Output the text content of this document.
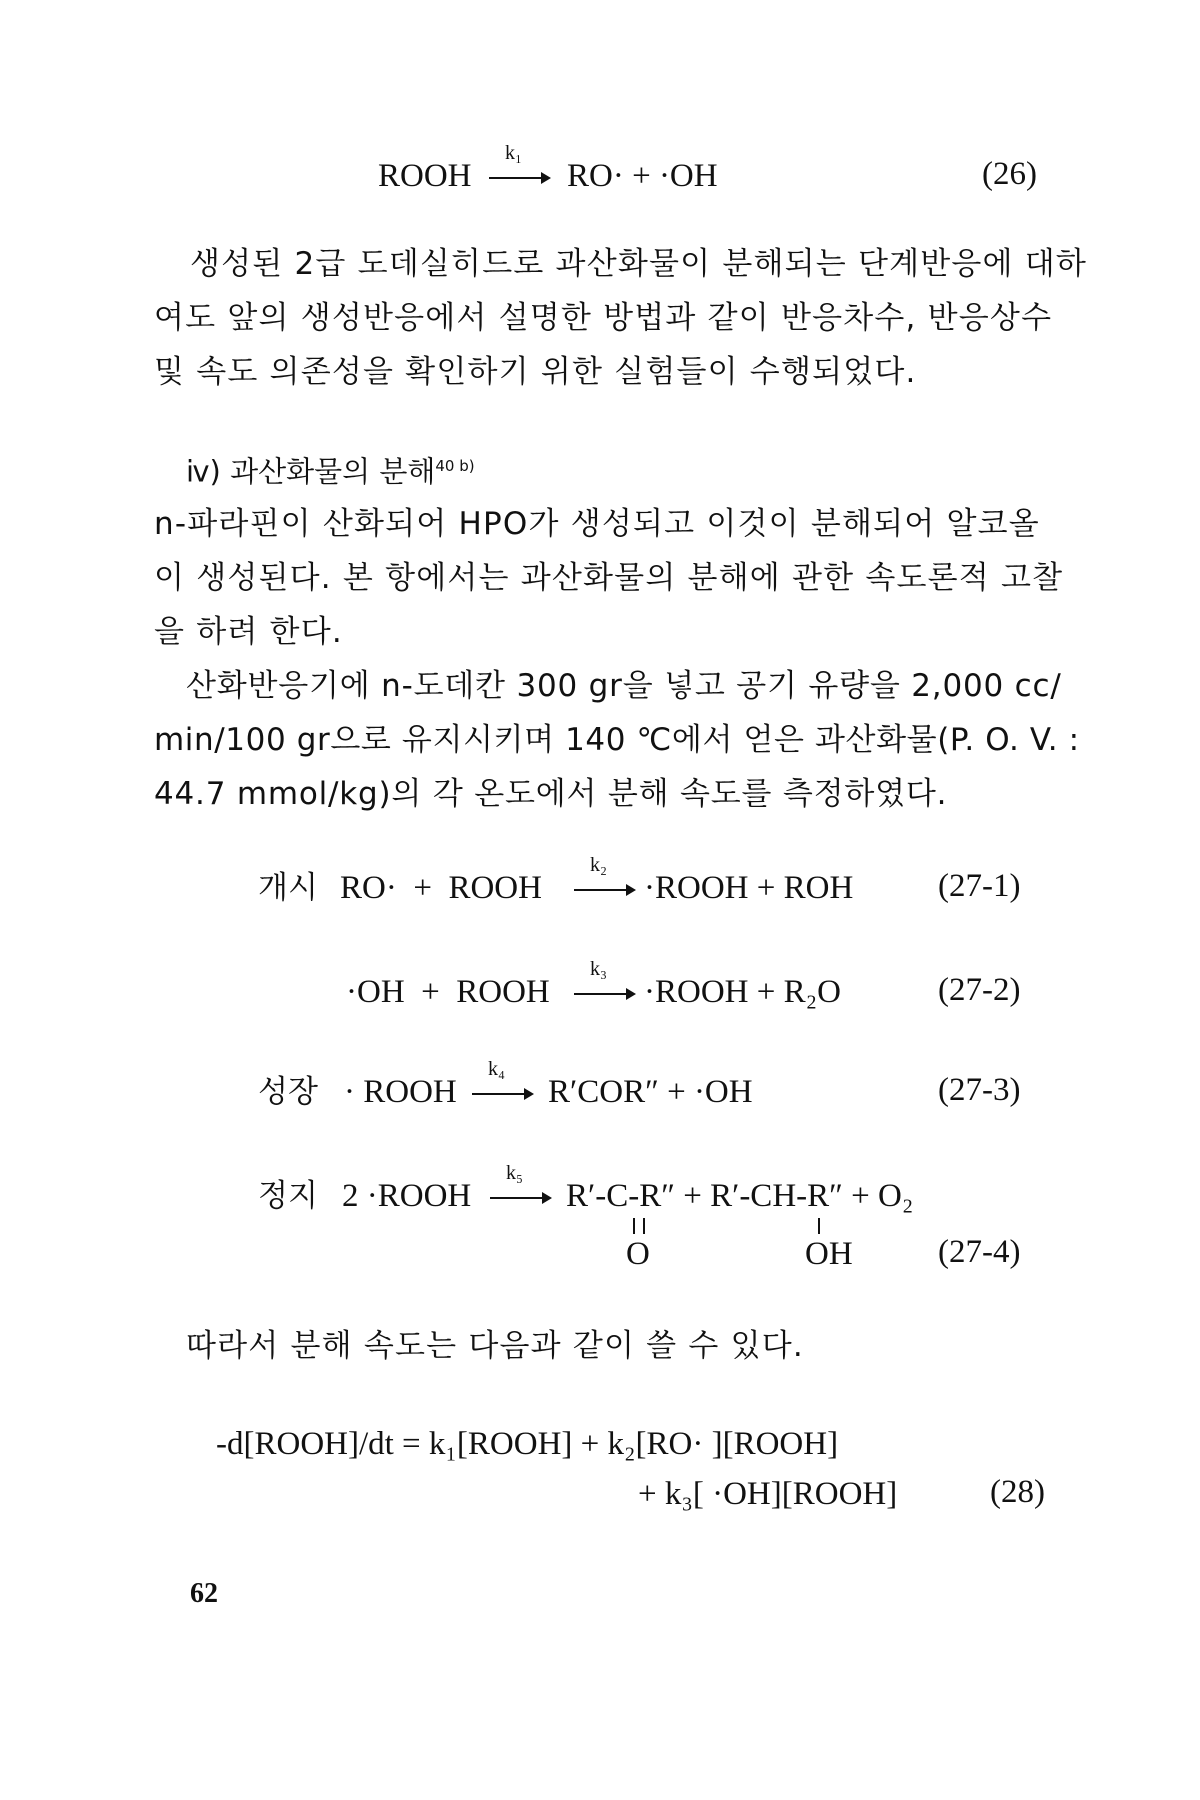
ROOH
k₁
RO· + ·OH	(26)
생성된 2급 도데실히드로 과산화물이 분해되는 단계반응에 대하
여도 앞의 생성반응에서 설명한 방법과 같이 반응차수, 반응상수
및 속도 의존성을 확인하기 위한 실험들이 수행되었다.
ⅳ) 과산화물의 분해$^{40 b)}$
n-파라핀이 산화되어 HPO가 생성되고 이것이 분해되어 알코올
이 생성된다. 본 항에서는 과산화물의 분해에 관한 속도론적 고찰
을 하려 한다.
산화반응기에 n-도데칸 300 gr을 넣고 공기 유량을 2,000 cc/
min/100 gr으로 유지시키며 140 ℃에서 얻은 과산화물(P. O. V. :
44.7 mmol/kg)의 각 온도에서 분해 속도를 측정하였다.
개시 RO·  +  ROOH
k₂
·ROOH + ROH	(27-1)
·OH  +  ROOH
k₃
·ROOH + R₂O	(27-2)
성장 · ROOH
k₄
R′COR″ + ·OH	(27-3)
정지 2 ·ROOH
k₅
R′-C-R″ + R′-CH-R″ + O₂
O	OH	(27-4)
따라서 분해 속도는 다음과 같이 쓸 수 있다.
-d[ROOH]/dt = k₁[ROOH] + k₂[RO· ][ROOH]
+ k₃[ ·OH][ROOH]	(28)
62
